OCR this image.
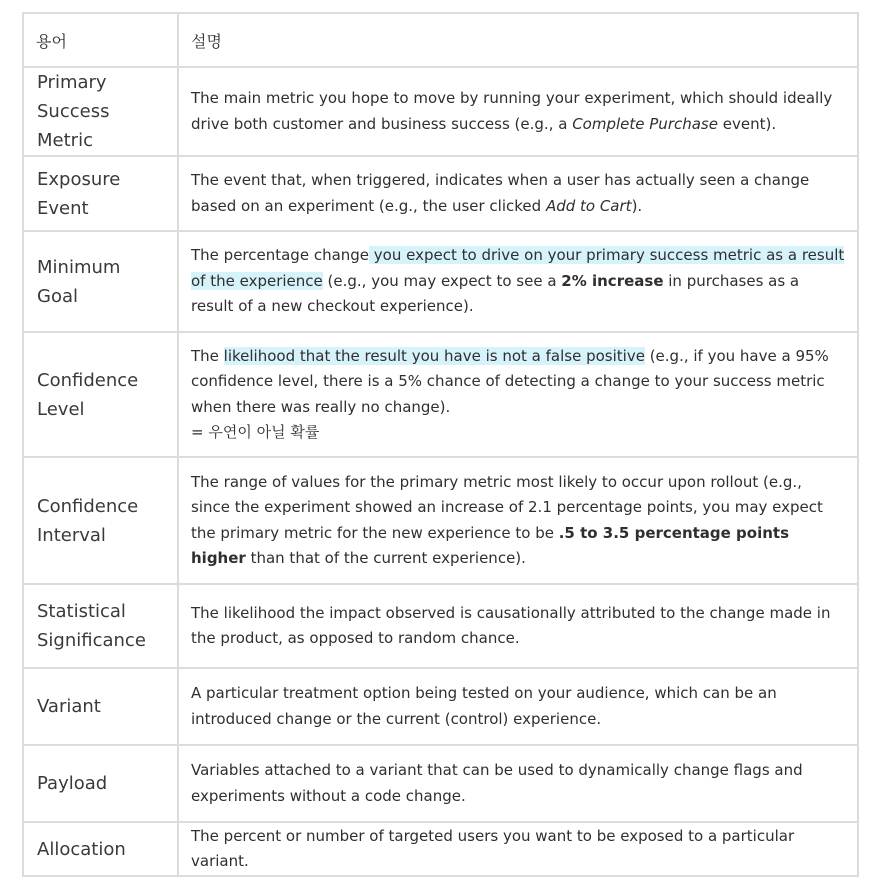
용어	설명
Primary Success Metric	The main metric you hope to move by running your experiment, which should ideally drive both customer and business success (e.g., a Complete Purchase event).
Exposure Event	The event that, when triggered, indicates when a user has actually seen a change based on an experiment (e.g., the user clicked Add to Cart).
Minimum Goal	The percentage change you expect to drive on your primary success metric as a result of the experience (e.g., you may expect to see a 2% increase in purchases as a result of a new checkout experience).
Confidence Level	The likelihood that the result you have is not a false positive (e.g., if you have a 95% confidence level, there is a 5% chance of detecting a change to your success metric when there was really no change).
= 우연이 아닐 확률

Confidence Interval	The range of values for the primary metric most likely to occur upon rollout (e.g., since the experiment showed an increase of 2.1 percentage points, you may expect the primary metric for the new experience to be .5 to 3.5 percentage points higher than that of the current experience).
Statistical Significance	The likelihood the impact observed is causationally attributed to the change made in the product, as opposed to random chance.
Variant	A particular treatment option being tested on your audience, which can be an introduced change or the current (control) experience.
Payload	Variables attached to a variant that can be used to dynamically change flags and experiments without a code change.
Allocation	The percent or number of targeted users you want to be exposed to a particular variant.
